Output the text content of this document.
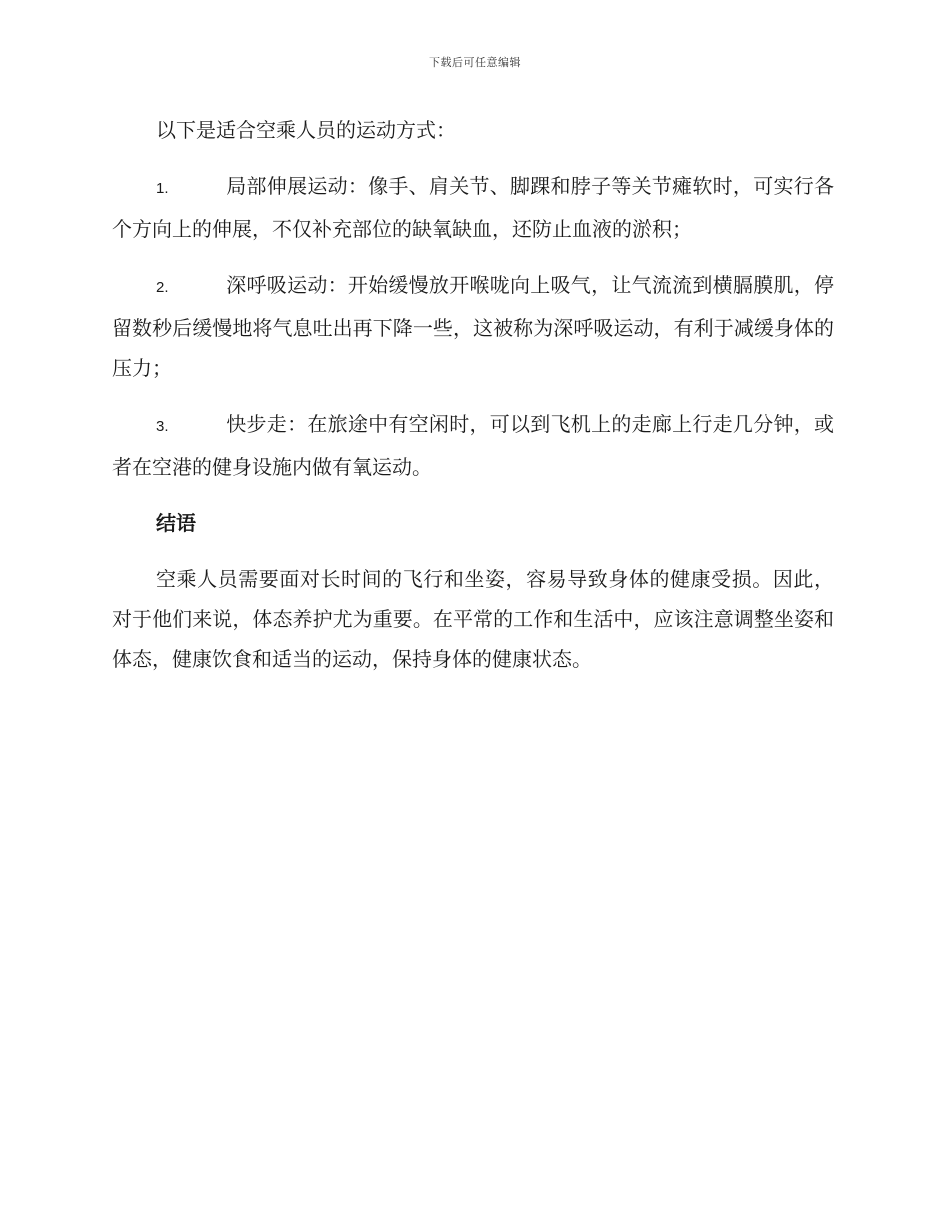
下载后可任意编辑

以下是适合空乘人员的运动方式：

1.	局部伸展运动：像手、肩关节、脚踝和脖子等关节瘫软时，可实行各个方向上的伸展，不仅补充部位的缺氧缺血，还防止血液的淤积；
2.	深呼吸运动：开始缓慢放开喉咙向上吸气，让气流流到横膈膜肌，停留数秒后缓慢地将气息吐出再下降一些，这被称为深呼吸运动，有利于减缓身体的压力；
3.	快步走：在旅途中有空闲时，可以到飞机上的走廊上行走几分钟，或者在空港的健身设施内做有氧运动。
结语

空乘人员需要面对长时间的飞行和坐姿，容易导致身体的健康受损。因此，对于他们来说，体态养护尤为重要。在平常的工作和生活中，应该注意调整坐姿和体态，健康饮食和适当的运动，保持身体的健康状态。
